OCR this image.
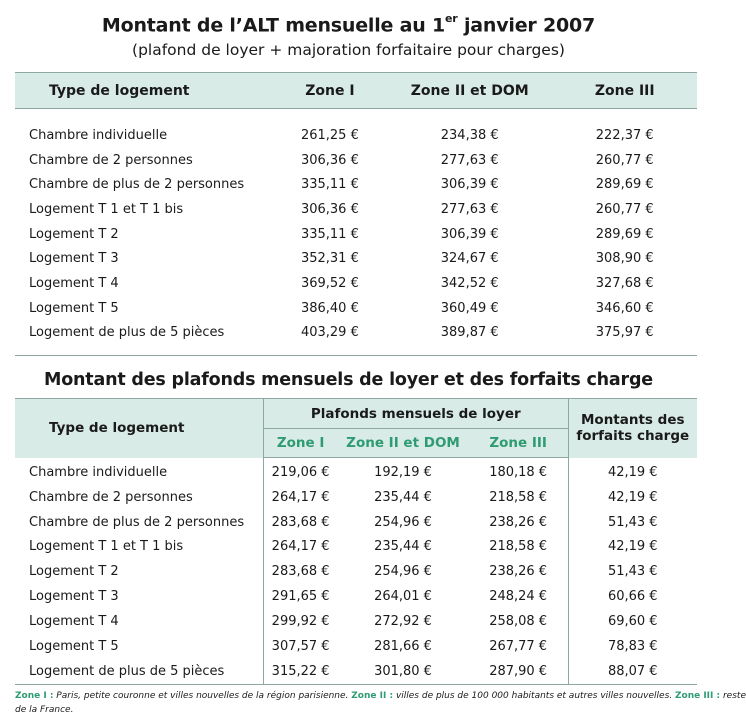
Montant de l’ALT mensuelle au 1er janvier 2007
(plafond de loyer + majoration forfaitaire pour charges)
Type de logement	Zone I	Zone II et DOM	Zone III
Chambre individuelle	261,25 €	234,38 €	222,37 €
Chambre de 2 personnes	306,36 €	277,63 €	260,77 €
Chambre de plus de 2 personnes	335,11 €	306,39 €	289,69 €
Logement T 1 et T 1 bis	306,36 €	277,63 €	260,77 €
Logement T 2	335,11 €	306,39 €	289,69 €
Logement T 3	352,31 €	324,67 €	308,90 €
Logement T 4	369,52 €	342,52 €	327,68 €
Logement T 5	386,40 €	360,49 €	346,60 €
Logement de plus de 5 pièces	403,29 €	389,87 €	375,97 €
Montant des plafonds mensuels de loyer et des forfaits charge
Type de logement	Plafonds mensuels de loyer			Montants des
forfaits charge
	Zone I	Zone II et DOM	Zone III	
Chambre individuelle	219,06 €	192,19 €	180,18 €	42,19 €
Chambre de 2 personnes	264,17 €	235,44 €	218,58 €	42,19 €
Chambre de plus de 2 personnes	283,68 €	254,96 €	238,26 €	51,43 €
Logement T 1 et T 1 bis	264,17 €	235,44 €	218,58 €	42,19 €
Logement T 2	283,68 €	254,96 €	238,26 €	51,43 €
Logement T 3	291,65 €	264,01 €	248,24 €	60,66 €
Logement T 4	299,92 €	272,92 €	258,08 €	69,60 €
Logement T 5	307,57 €	281,66 €	267,77 €	78,83 €
Logement de plus de 5 pièces	315,22 €	301,80 €	287,90 €	88,07 €
Zone I : Paris, petite couronne et villes nouvelles de la région parisienne. Zone II : villes de plus de 100 000 habitants et autres villes nouvelles. Zone III : reste
de la France.
